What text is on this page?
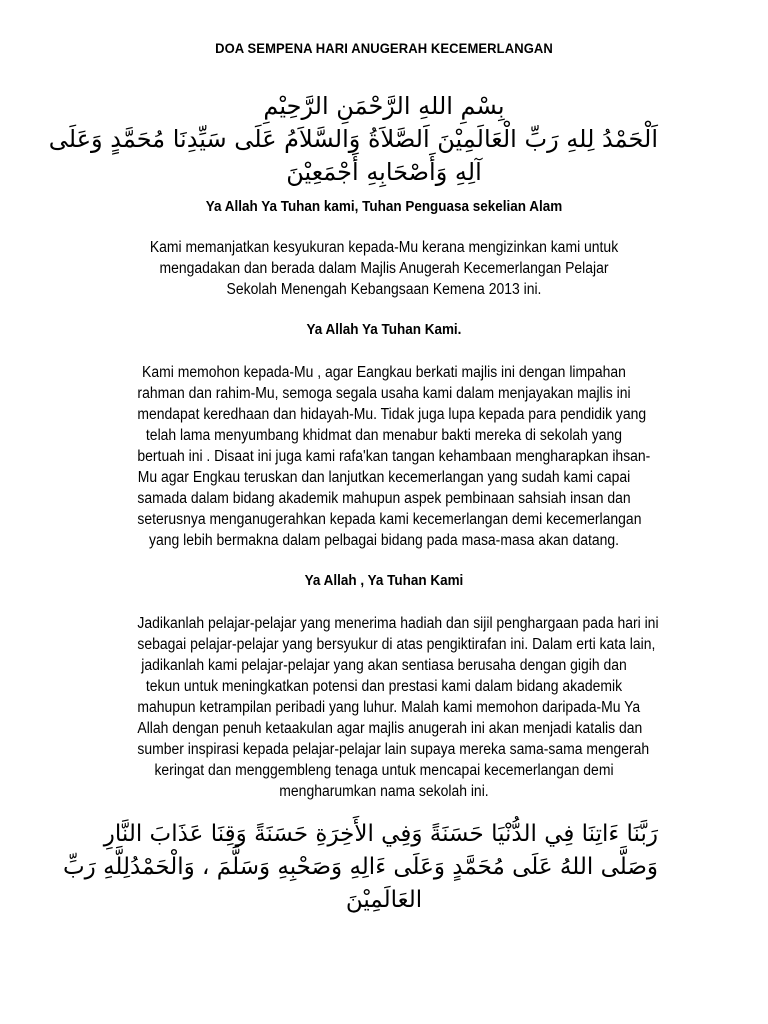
DOA SEMPENA HARI ANUGERAH KECEMERLANGAN
بِسْمِ اللهِ الرَّحْمَنِ الرَّحِيْمِ
اَلْحَمْدُ لِلهِ رَبِّ الْعَالَمِيْنَ اَلصَّلاَةُ وَالسَّلاَمُ عَلَى سَيِّدِنَا مُحَمَّدٍ وَعَلَى
آلِهِ وَأَصْحَابِهِ أَجْمَعِيْنَ
Ya Allah Ya Tuhan kami, Tuhan Penguasa sekelian Alam
Kami memanjatkan kesyukuran kepada-Mu kerana mengizinkan kami untuk
mengadakan dan berada dalam Majlis Anugerah Kecemerlangan Pelajar
Sekolah Menengah Kebangsaan Kemena 2013 ini.
Ya Allah Ya Tuhan Kami.
Kami memohon kepada-Mu , agar Eangkau berkati majlis ini dengan limpahan
rahman dan rahim-Mu, semoga segala usaha kami dalam menjayakan majlis ini
mendapat keredhaan dan hidayah-Mu. Tidak juga lupa kepada para pendidik yang
telah lama menyumbang khidmat dan menabur bakti mereka di sekolah yang
bertuah ini . Disaat ini juga kami rafa'kan tangan kehambaan mengharapkan ihsan-
Mu agar Engkau teruskan dan lanjutkan kecemerlangan yang sudah kami capai
samada dalam bidang akademik mahupun aspek pembinaan sahsiah insan dan
seterusnya menganugerahkan kepada kami kecemerlangan demi kecemerlangan
yang lebih bermakna dalam pelbagai bidang pada masa-masa akan datang.
Ya Allah , Ya Tuhan Kami
Jadikanlah pelajar-pelajar yang menerima hadiah dan sijil penghargaan pada hari ini
sebagai pelajar-pelajar yang bersyukur di atas pengiktirafan ini. Dalam erti kata lain,
jadikanlah kami pelajar-pelajar yang akan sentiasa berusaha dengan gigih dan
tekun untuk meningkatkan potensi dan prestasi kami dalam bidang akademik
mahupun ketrampilan peribadi yang luhur. Malah kami memohon daripada-Mu Ya
Allah dengan penuh ketaakulan agar majlis anugerah ini akan menjadi katalis dan
sumber inspirasi kepada pelajar-pelajar lain supaya mereka sama-sama mengerah
keringat dan menggembleng tenaga untuk mencapai kecemerlangan demi
mengharumkan nama sekolah ini.
رَبَّنَا ءَاتِنَا فِي الدُّنْيَا حَسَنَةً وَفِي الأَخِرَةِ حَسَنَةً وَقِنَا عَذَابَ النَّارِ
وَصَلَّى اللهُ عَلَى مُحَمَّدٍ وَعَلَى ءَالِهِ وَصَحْبِهِ وَسَلَّمَ ، وَالْحَمْدُلِلَّهِ رَبِّ
العَالَمِيْنَ
